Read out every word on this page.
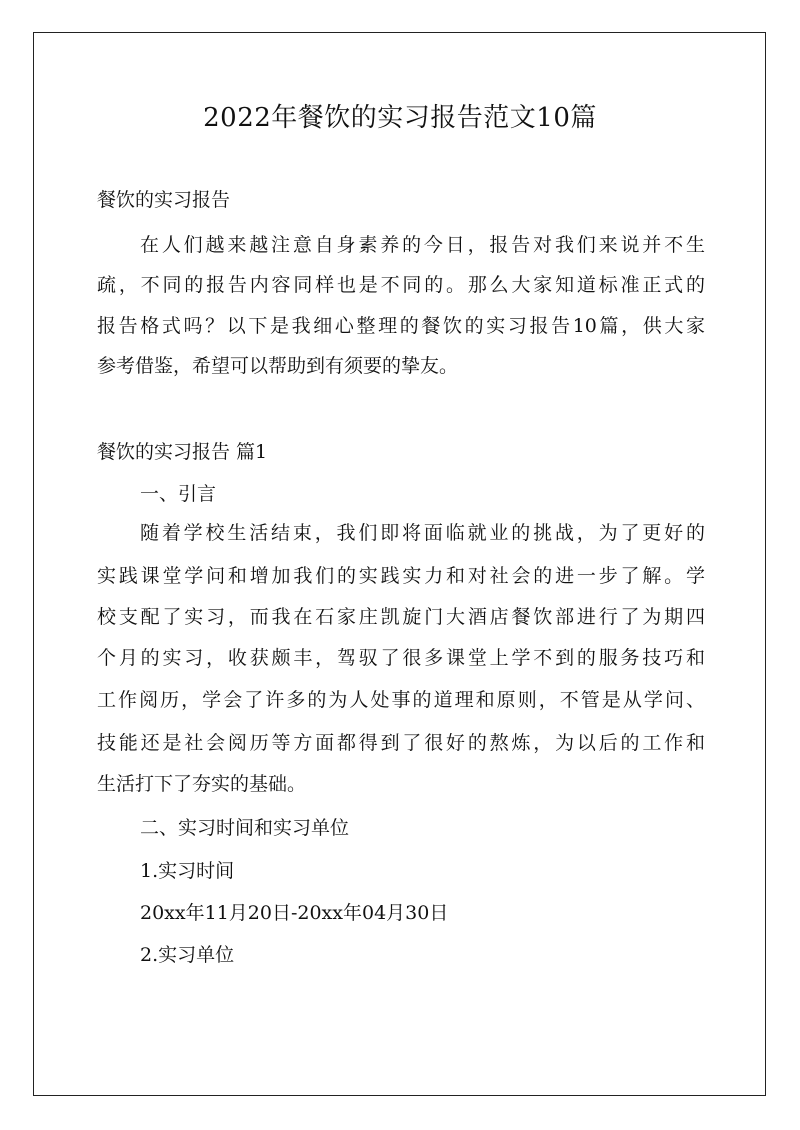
2022年餐饮的实习报告范文10篇
餐饮的实习报告
在人们越来越注意自身素养的今日，报告对我们来说并不生
疏，不同的报告内容同样也是不同的。那么大家知道标准正式的
报告格式吗？以下是我细心整理的餐饮的实习报告10篇，供大家
参考借鉴，希望可以帮助到有须要的挚友。
餐饮的实习报告 篇1
一、引言
随着学校生活结束，我们即将面临就业的挑战，为了更好的
实践课堂学问和增加我们的实践实力和对社会的进一步了解。学
校支配了实习，而我在石家庄凯旋门大酒店餐饮部进行了为期四
个月的实习，收获颇丰，驾驭了很多课堂上学不到的服务技巧和
工作阅历，学会了许多的为人处事的道理和原则，不管是从学问、
技能还是社会阅历等方面都得到了很好的熬炼，为以后的工作和
生活打下了夯实的基础。
二、实习时间和实习单位
1.实习时间
20xx年11月20日-20xx年04月30日
2.实习单位
